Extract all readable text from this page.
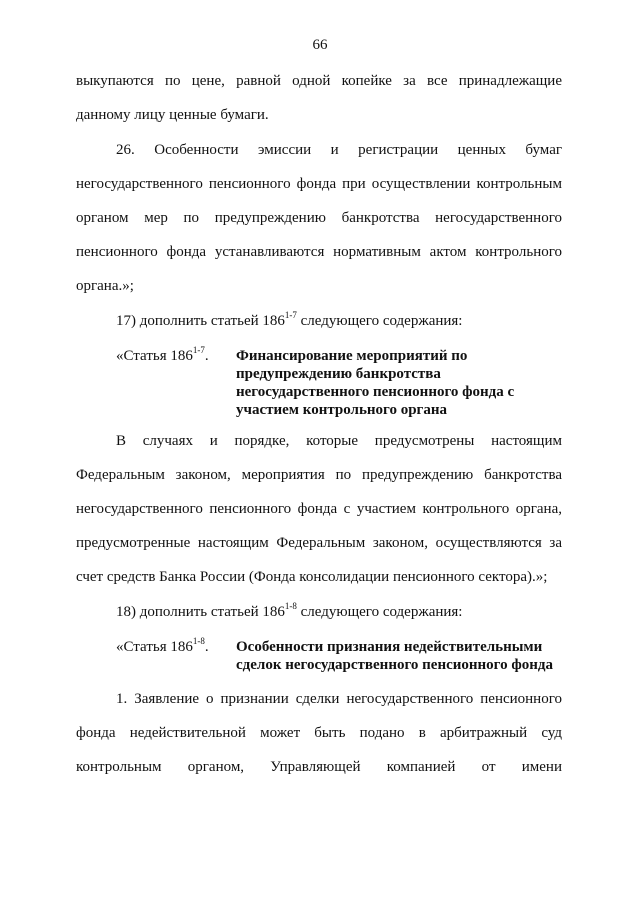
66
выкупаются по цене, равной одной копейке за все принадлежащие
данному лицу ценные бумаги.
26. Особенности эмиссии и регистрации ценных бумаг
негосударственного пенсионного фонда при осуществлении контрольным
органом мер по предупреждению банкротства негосударственного
пенсионного фонда устанавливаются нормативным актом контрольного
органа.»;
17) дополнить статьей 186$^{1-7}$ следующего содержания:
«Статья 186$^{1-7}$. Финансирование мероприятий по
предупреждению банкротства
негосударственного пенсионного фонда с
участием контрольного органа
В случаях и порядке, которые предусмотрены настоящим
Федеральным законом, мероприятия по предупреждению банкротства
негосударственного пенсионного фонда с участием контрольного органа,
предусмотренные настоящим Федеральным законом, осуществляются за
счет средств Банка России (Фонда консолидации пенсионного сектора).»;
18) дополнить статьей 186$^{1-8}$ следующего содержания:
«Статья 186$^{1-8}$. Особенности признания недействительными
сделок негосударственного пенсионного фонда
1. Заявление о признании сделки негосударственного пенсионного
фонда недействительной может быть подано в арбитражный суд
контрольным органом, Управляющей компанией от имени
